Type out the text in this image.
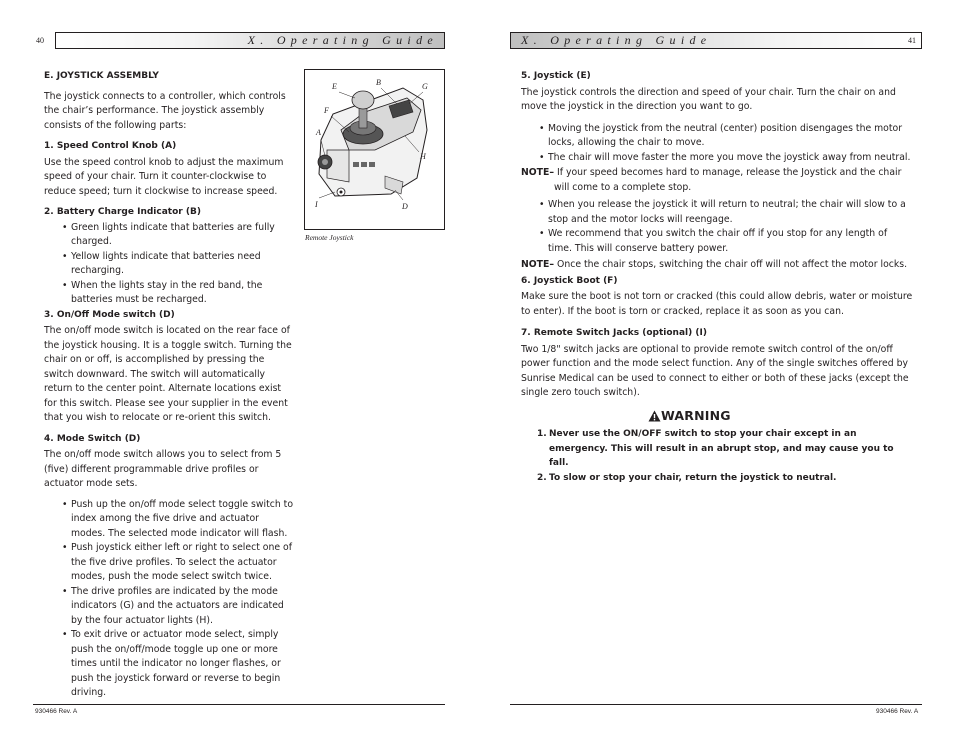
40	X. Operating Guide	X. Operating Guide	41

E. JOYSTICK ASSEMBLY

The joystick connects to a controller, which controls the chair’s performance. The joystick assembly consists of the following parts:

1. Speed Control Knob (A)

Use the speed control knob to adjust the maximum speed of your chair. Turn it counter-clockwise to reduce speed; turn it clockwise to increase speed.

2. Battery Charge Indicator (B)

• Green lights indicate that batteries are fully charged.
• Yellow lights indicate that batteries need recharging.
• When the lights stay in the red band, the batteries must be recharged.

3. On/Off Mode switch (D)

The on/off mode switch is located on the rear face of the joystick housing. It is a toggle switch. Turning the chair on or off, is accomplished by pressing the switch downward. The switch will automatically return to the center point. Alternate locations exist for this switch. Please see your supplier in the event that you wish to relocate or re-orient this switch.

4. Mode Switch (D)

The on/off mode switch allows you to select from 5 (five) different programmable drive profiles or actuator mode sets.

• Push up the on/off mode select toggle switch to index among the five drive and actuator modes. The selected mode indicator will flash.
• Push joystick either left or right to select one of the five drive profiles. To select the actuator modes, push the mode select switch twice.
• The drive profiles are indicated by the mode indicators (G) and the actuators are indicated by the four actuator lights (H).
• To exit drive or actuator mode select, simply push the on/off/mode toggle up one or more times until the indicator no longer flashes, or push the joystick forward or reverse to begin driving.
E	B	G
F
A
H
I	D
Remote Joystick

5. Joystick (E)

The joystick controls the direction and speed of your chair. Turn the chair on and move the joystick in the direction you want to go.

• Moving the joystick from the neutral (center) position disengages the motor locks, allowing the chair to move.
• The chair will move faster the more you move the joystick away from neutral.

NOTE– If your speed becomes hard to manage, release the Joystick and the chair will come to a complete stop.

• When you release the joystick it will return to neutral; the chair will slow to a stop and the motor locks will reengage.
• We recommend that you switch the chair off if you stop for any length of time. This will conserve battery power.

NOTE– Once the chair stops, switching the chair off will not affect the motor locks.

6. Joystick Boot (F)

Make sure the boot is not torn or cracked (this could allow debris, water or moisture to enter). If the boot is torn or cracked, replace it as soon as you can.

7. Remote Switch Jacks (optional) (I)

Two 1/8" switch jacks are optional to provide remote switch control of the on/off power function and the mode select function. Any of the single switches offered by Sunrise Medical can be used to connect to either or both of these jacks (except the single zero touch switch).

WARNING
1. Never use the ON/OFF switch to stop your chair except in an emergency. This will result in an abrupt stop, and may cause you to fall.
2. To slow or stop your chair, return the joystick to neutral.
930466 Rev. A	930466 Rev. A
